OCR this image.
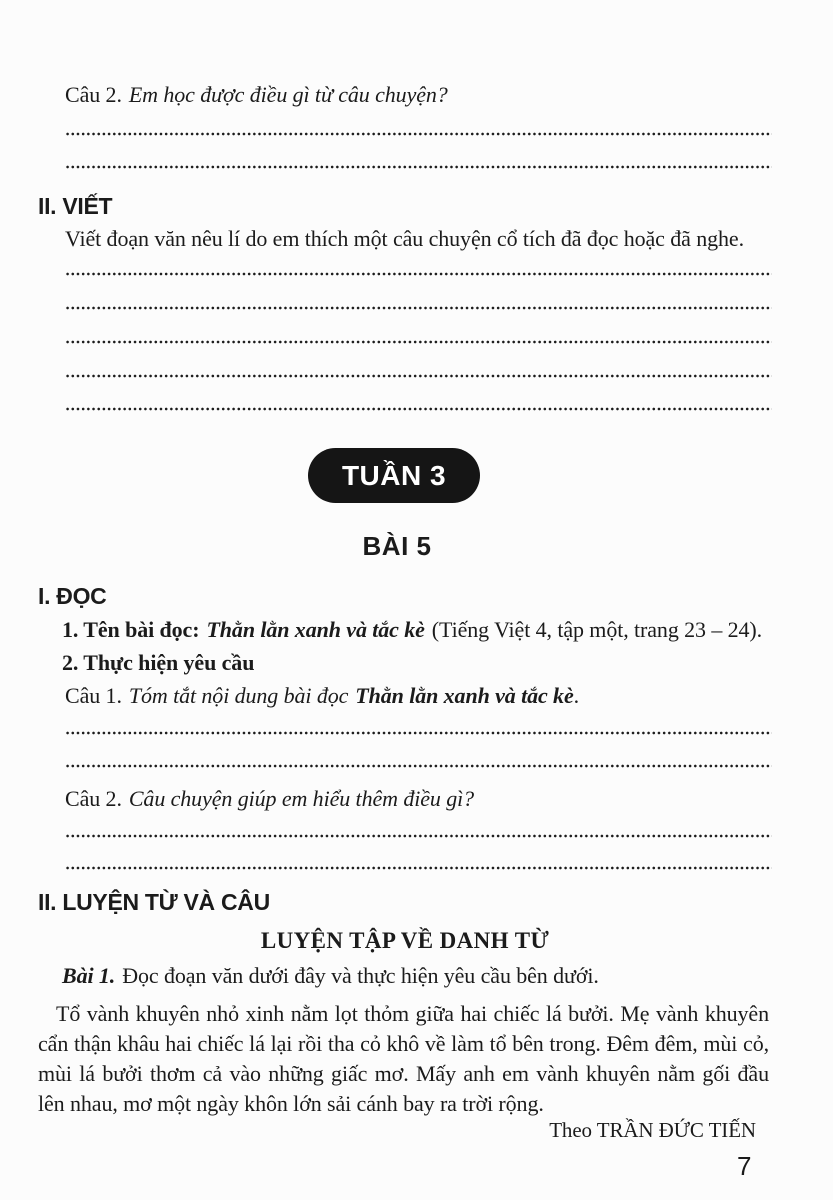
Câu 2. Em học được điều gì từ câu chuyện?
II. VIẾT
Viết đoạn văn nêu lí do em thích một câu chuyện cổ tích đã đọc hoặc đã nghe.
TUẦN 3
BÀI 5
I. ĐỌC
1. Tên bài đọc: Thằn lằn xanh và tắc kè (Tiếng Việt 4, tập một, trang 23 – 24).
2. Thực hiện yêu cầu
Câu 1. Tóm tắt nội dung bài đọc Thằn lằn xanh và tắc kè.
Câu 2. Câu chuyện giúp em hiểu thêm điều gì?
II. LUYỆN TỪ VÀ CÂU
LUYỆN TẬP VỀ DANH TỪ
Bài 1. Đọc đoạn văn dưới đây và thực hiện yêu cầu bên dưới.
Tổ vành khuyên nhỏ xinh nằm lọt thỏm giữa hai chiếc lá bưởi. Mẹ vành khuyên cẩn thận khâu hai chiếc lá lại rồi tha cỏ khô về làm tổ bên trong. Đêm đêm, mùi cỏ, mùi lá bưởi thơm cả vào những giấc mơ. Mấy anh em vành khuyên nằm gối đầu lên nhau, mơ một ngày khôn lớn sải cánh bay ra trời rộng.
Theo TRẦN ĐỨC TIẾN
7
